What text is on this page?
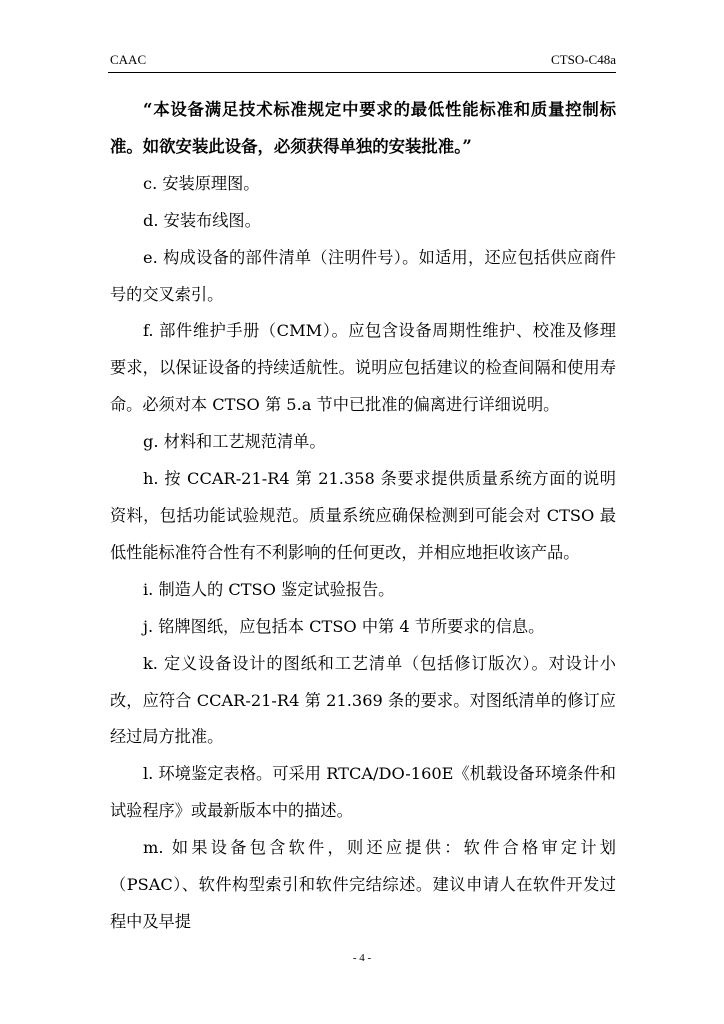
CAAC	CTSO-C48a

“本设备满足技术标准规定中要求的最低性能标准和质量控制标准。如欲安装此设备，必须获得单独的安装批准。”

c. 安装原理图。

d. 安装布线图。

e. 构成设备的部件清单（注明件号）。如适用，还应包括供应商件号的交叉索引。

f. 部件维护手册（CMM）。应包含设备周期性维护、校准及修理要求，以保证设备的持续适航性。说明应包括建议的检查间隔和使用寿命。必须对本 CTSO 第 5.a 节中已批准的偏离进行详细说明。

g. 材料和工艺规范清单。

h. 按 CCAR-21-R4 第 21.358 条要求提供质量系统方面的说明资料，包括功能试验规范。质量系统应确保检测到可能会对 CTSO 最低性能标准符合性有不利影响的任何更改，并相应地拒收该产品。

i. 制造人的 CTSO 鉴定试验报告。

j. 铭牌图纸，应包括本 CTSO 中第 4 节所要求的信息。

k. 定义设备设计的图纸和工艺清单（包括修订版次）。对设计小改，应符合 CCAR-21-R4 第 21.369 条的要求。对图纸清单的修订应经过局方批准。

l. 环境鉴定表格。可采用 RTCA/DO-160E《机载设备环境条件和试验程序》或最新版本中的描述。

m. 如果设备包含软件，则还应提供：软件合格审定计划（PSAC）、软件构型索引和软件完结综述。建议申请人在软件开发过程中及早提

- 4 -
